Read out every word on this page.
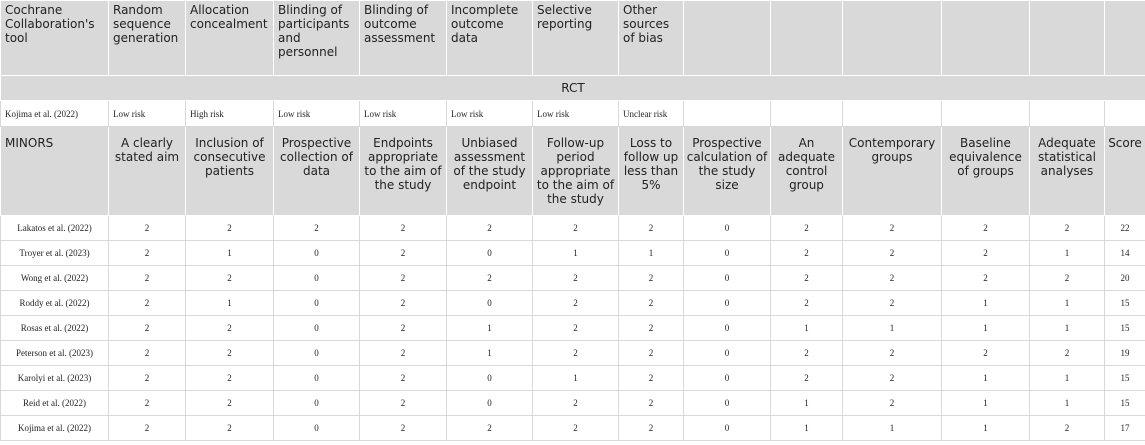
Cochrane Collaboration's tool	Random sequence generation	Allocation concealment	Blinding of participants and personnel	Blinding of outcome assessment	Incomplete outcome data	Selective reporting	Other sources of bias						
RCT													
Kojima et al. (2022)	Low risk	High risk	Low risk	Low risk	Low risk	Low risk	Unclear risk						
MINORS	A clearly stated aim	Inclusion of consecutive patients	Prospective collection of data	Endpoints appropriate to the aim of the study	Unbiased assessment of the study endpoint	Follow-up period appropriate to the aim of the study	Loss to follow up less than 5%	Prospective calculation of the study size	An adequate control group	Contemporary groups	Baseline equivalence of groups	Adequate statistical analyses	Score
Lakatos et al. (2022)	2	2	2	2	2	2	2	0	2	2	2	2	22
Troyer et al. (2023)	2	1	0	2	0	1	1	0	2	2	2	1	14
Wong et al. (2022)	2	2	0	2	2	2	2	0	2	2	2	2	20
Roddy et al. (2022)	2	1	0	2	0	2	2	0	2	2	1	1	15
Rosas et al. (2022)	2	2	0	2	1	2	2	0	1	1	1	1	15
Peterson et al. (2023)	2	2	0	2	1	2	2	0	2	2	2	2	19
Karolyi et al. (2023)	2	2	0	2	0	1	2	0	2	2	1	1	15
Reid et al. (2022)	2	2	0	2	0	2	2	0	1	2	1	1	15
Kojima et al. (2022)	2	2	0	2	2	2	2	0	1	1	1	2	17
